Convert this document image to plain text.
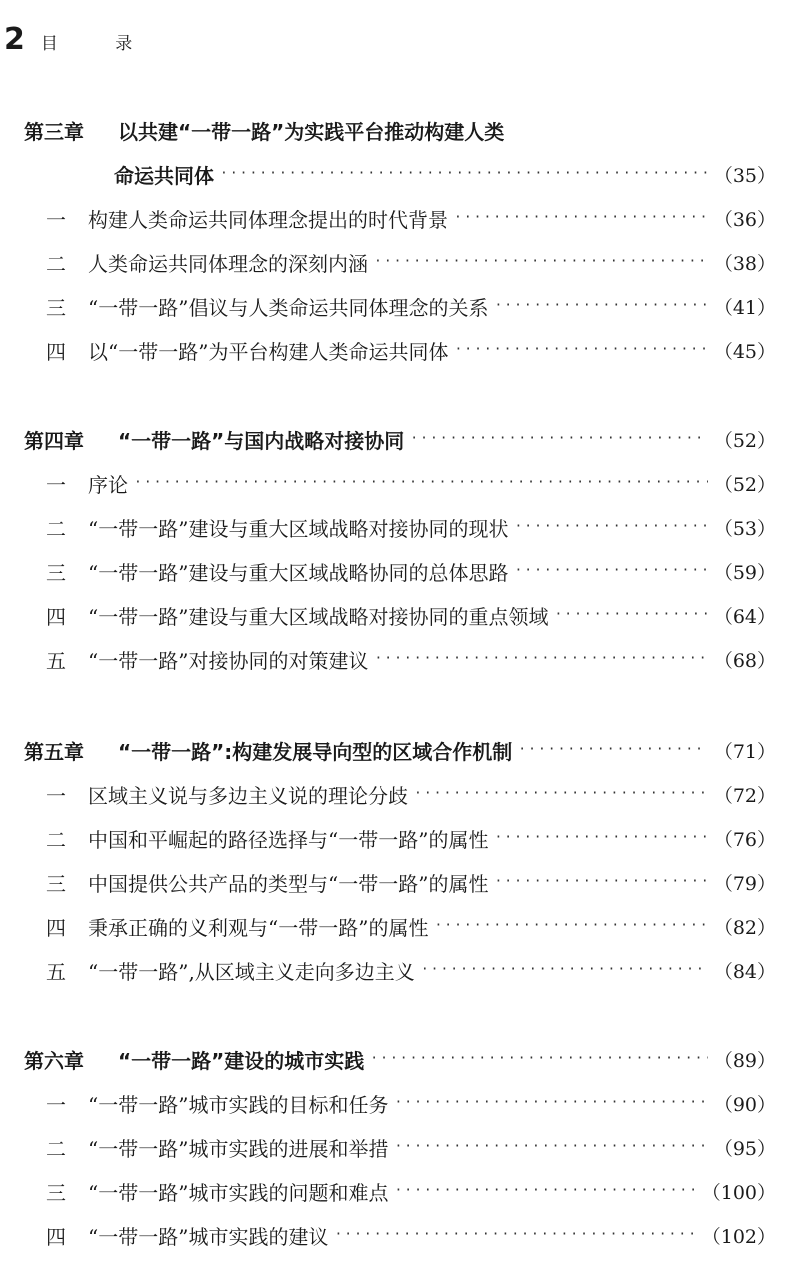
2 目 录
第三章	以共建“一带一路”为实践平台推动构建人类
命运共同体 ·····	（35）
一	构建人类命运共同体理念提出的时代背景 ·····	（36）
二	人类命运共同体理念的深刻内涵 ·····	（38）
三	“一带一路”倡议与人类命运共同体理念的关系 ·····	（41）
四	以“一带一路”为平台构建人类命运共同体 ·····	（45）
第四章	“一带一路”与国内战略对接协同 ·····	（52）
一	序论 ·····	（52）
二	“一带一路”建设与重大区域战略对接协同的现状 ·····	（53）
三	“一带一路”建设与重大区域战略协同的总体思路 ·····	（59）
四	“一带一路”建设与重大区域战略对接协同的重点领域 ·····	（64）
五	“一带一路”对接协同的对策建议 ·····	（68）
第五章	“一带一路”:构建发展导向型的区域合作机制 ·····	（71）
一	区域主义说与多边主义说的理论分歧 ·····	（72）
二	中国和平崛起的路径选择与“一带一路”的属性 ·····	（76）
三	中国提供公共产品的类型与“一带一路”的属性 ·····	（79）
四	秉承正确的义利观与“一带一路”的属性 ·····	（82）
五	“一带一路”,从区域主义走向多边主义 ·····	（84）
第六章	“一带一路”建设的城市实践 ·····	（89）
一	“一带一路”城市实践的目标和任务 ·····	（90）
二	“一带一路”城市实践的进展和举措 ·····	（95）
三	“一带一路”城市实践的问题和难点 ·····	（100）
四	“一带一路”城市实践的建议 ·····	（102）
